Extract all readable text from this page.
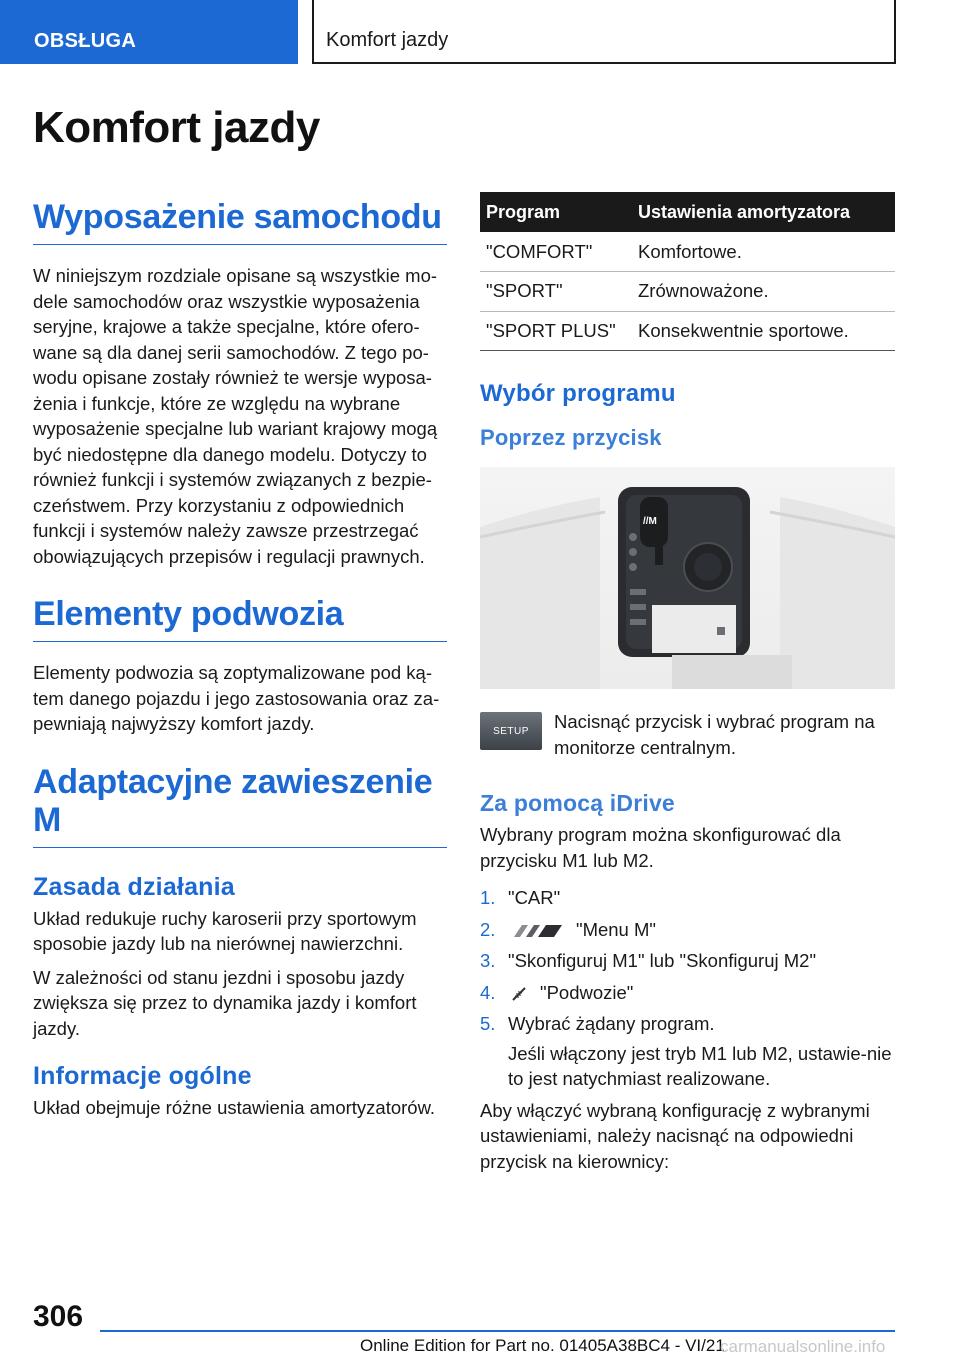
OBSŁUGA	Komfort jazdy
Komfort jazdy
Wyposażenie samochodu

W niniejszym rozdziale opisane są wszystkie mo-dele samochodów oraz wszystkie wyposażenia seryjne, krajowe a także specjalne, które ofero-wane są dla danej serii samochodów. Z tego po-wodu opisane zostały również te wersje wyposa-żenia i funkcje, które ze względu na wybrane wyposażenie specjalne lub wariant krajowy mogą być niedostępne dla danego modelu. Dotyczy to również funkcji i systemów związanych z bezpie-czeństwem. Przy korzystaniu z odpowiednich funkcji i systemów należy zawsze przestrzegać obowiązujących przepisów i regulacji prawnych.

Elementy podwozia

Elementy podwozia są zoptymalizowane pod ką-tem danego pojazdu i jego zastosowania oraz za-pewniają najwyższy komfort jazdy.

Adaptacyjne zawieszenie M
Zasada działania

Układ redukuje ruchy karoserii przy sportowym sposobie jazdy lub na nierównej nawierzchni.

W zależności od stanu jezdni i sposobu jazdy zwiększa się przez to dynamika jazdy i komfort jazdy.

Informacje ogólne

Układ obejmuje różne ustawienia amortyzatorów.

Program	Ustawienia amortyzatora
"COMFORT"	Komfortowe.
"SPORT"	Zrównoważone.
"SPORT PLUS"	Konsekwentnie sportowe.
Wybór programu
Poprzez przycisk
//M
SETUP	Nacisnąć przycisk i wybrać program na monitorze centralnym.

Za pomocą iDrive

Wybrany program można skonfigurować dla przycisku M1 lub M2.

1. "CAR"
2.	"Menu M"
3. "Skonfiguruj M1" lub "Skonfiguruj M2"
4.	"Podwozie"
5. Wybrać żądany program.

Jeśli włączony jest tryb M1 lub M2, ustawie-nie to jest natychmiast realizowane.

Aby włączyć wybraną konfigurację z wybranymi ustawieniami, należy nacisnąć na odpowiedni przycisk na kierownicy:

306
Online Edition for Part no. 01405A38BC4 - VI/21
carmanualsonline.info
